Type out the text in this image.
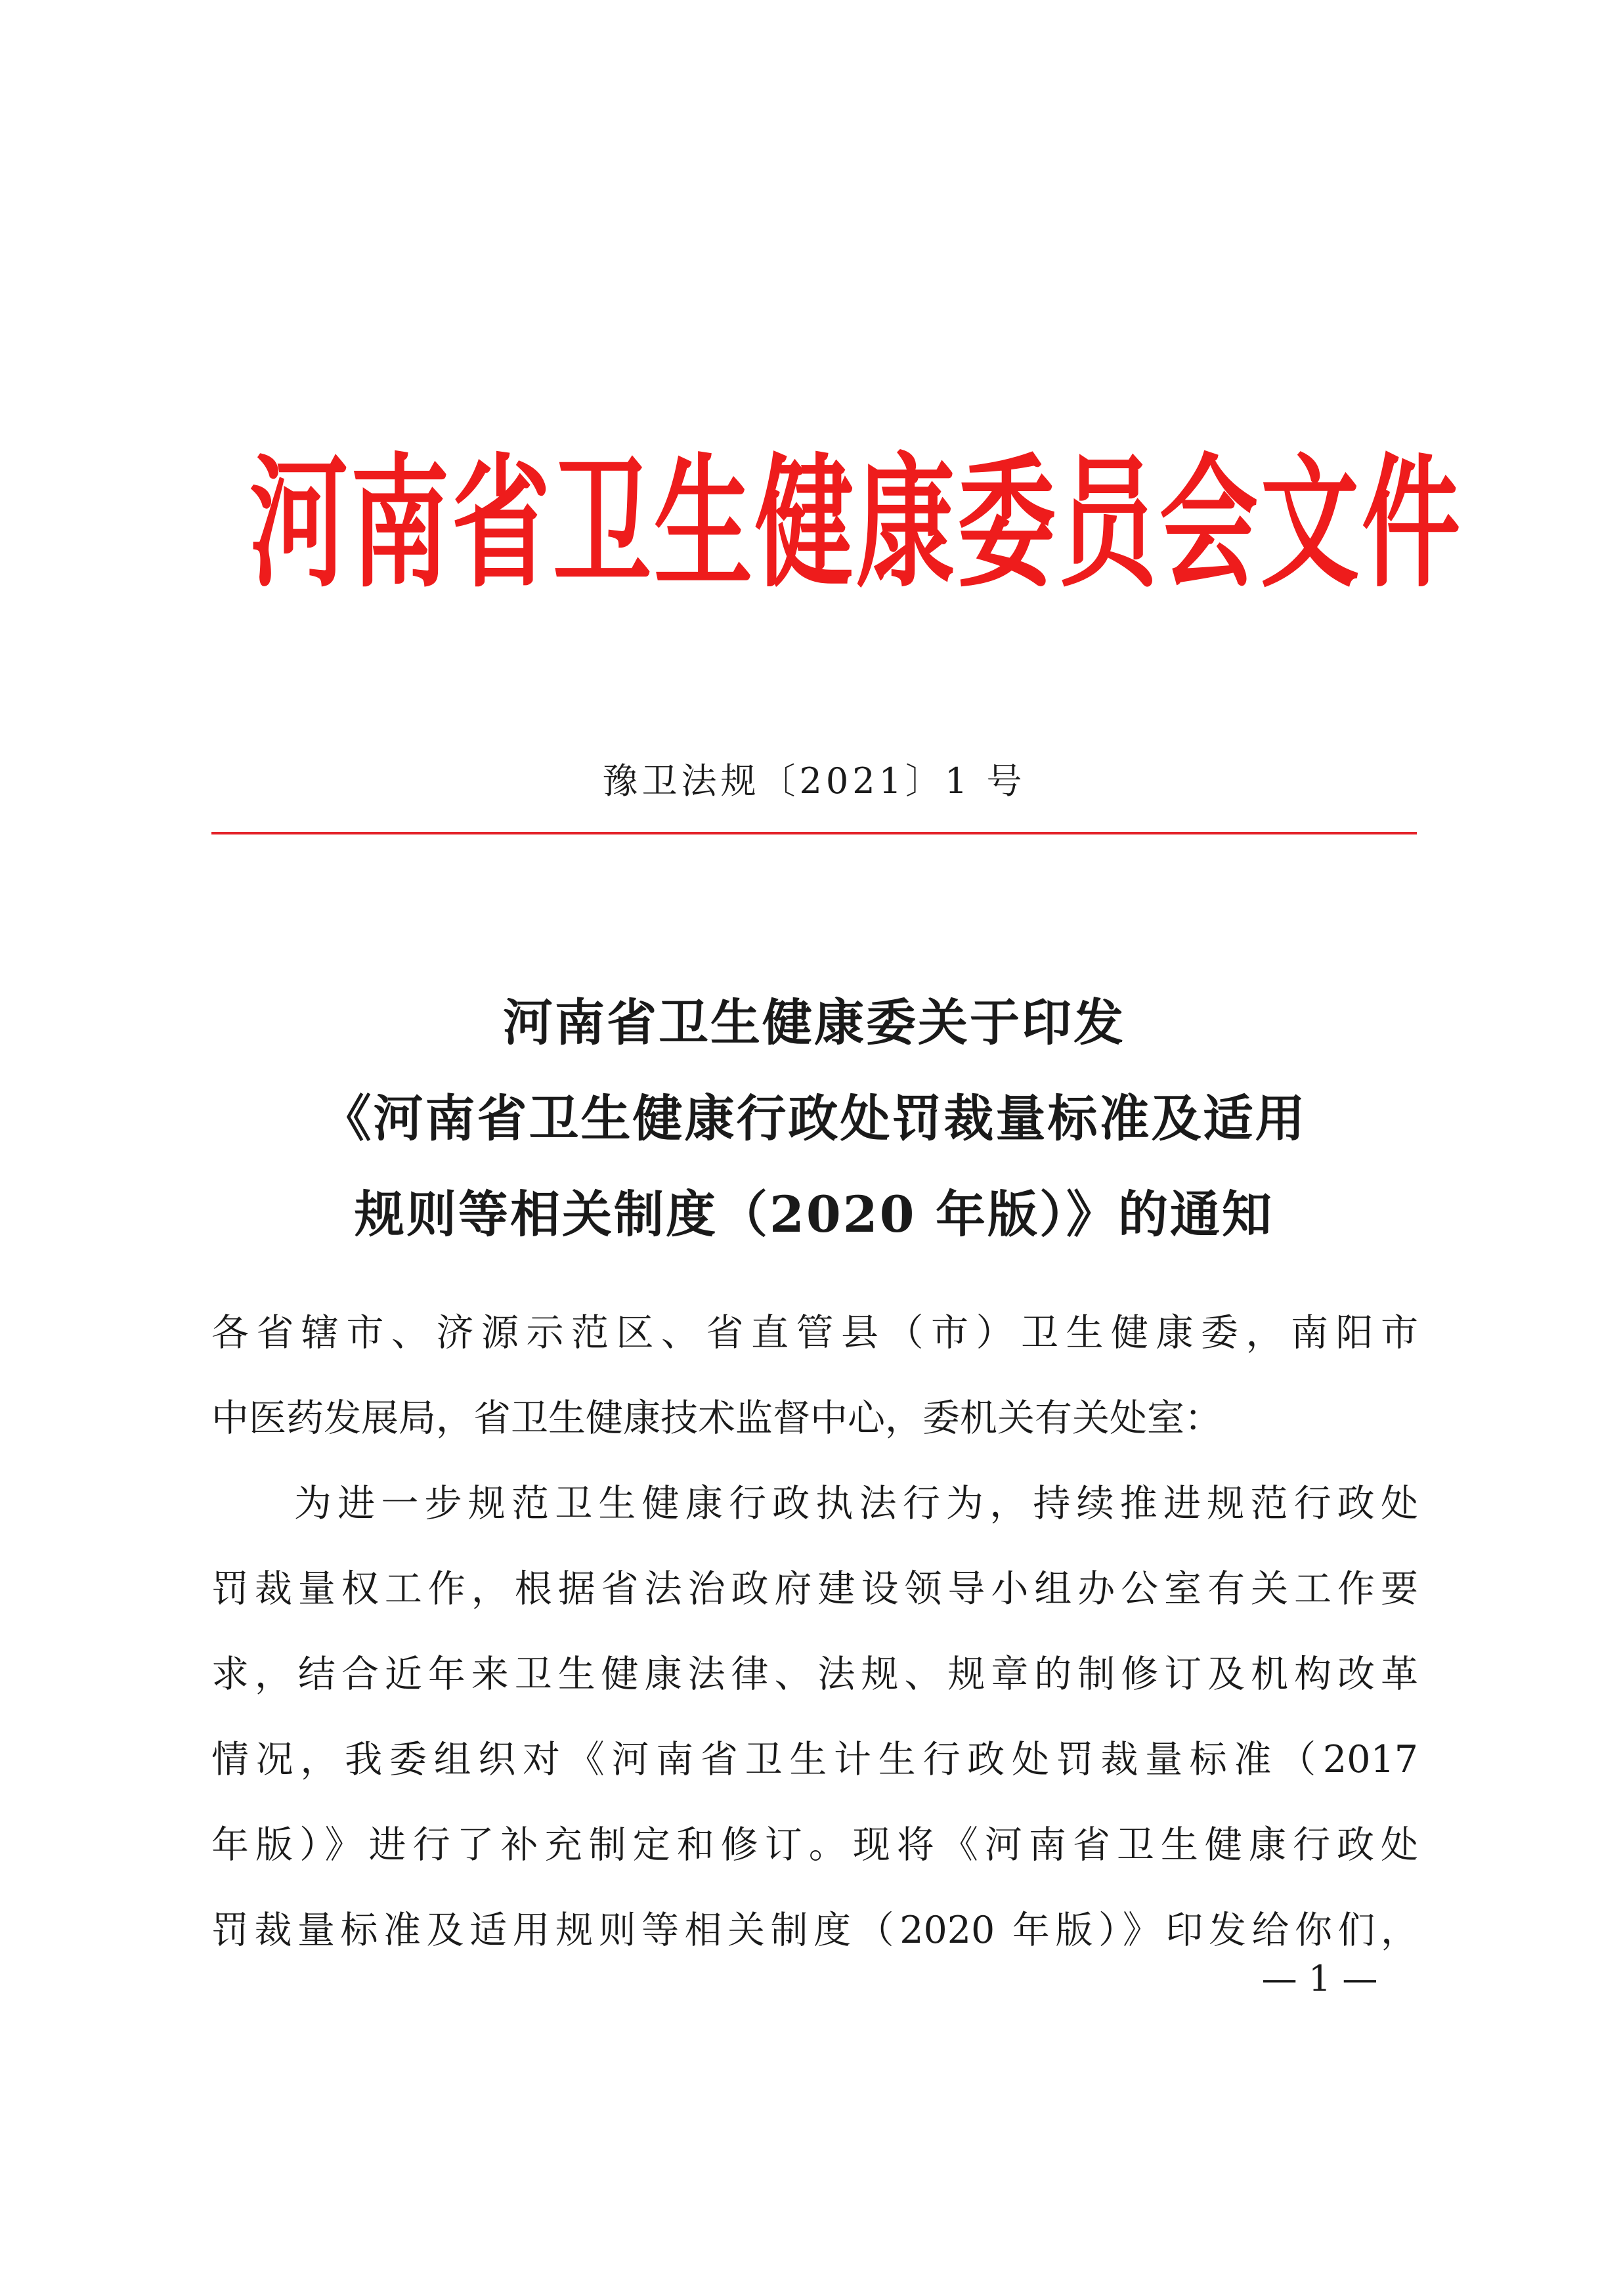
河南省卫生健康委员会文件
豫卫法规〔2021〕1 号
河南省卫生健康委关于印发
《河南省卫生健康行政处罚裁量标准及适用
规则等相关制度（2020 年版）》的通知
各省辖市、济源示范区、省直管县（市）卫生健康委，南阳市
中医药发展局，省卫生健康技术监督中心，委机关有关处室：
为进一步规范卫生健康行政执法行为，持续推进规范行政处
罚裁量权工作，根据省法治政府建设领导小组办公室有关工作要
求，结合近年来卫生健康法律、法规、规章的制修订及机构改革
情况，我委组织对《河南省卫生计生行政处罚裁量标准（2017
年版）》进行了补充制定和修订。现将《河南省卫生健康行政处
罚裁量标准及适用规则等相关制度（2020 年版）》印发给你们，
— 1 —
